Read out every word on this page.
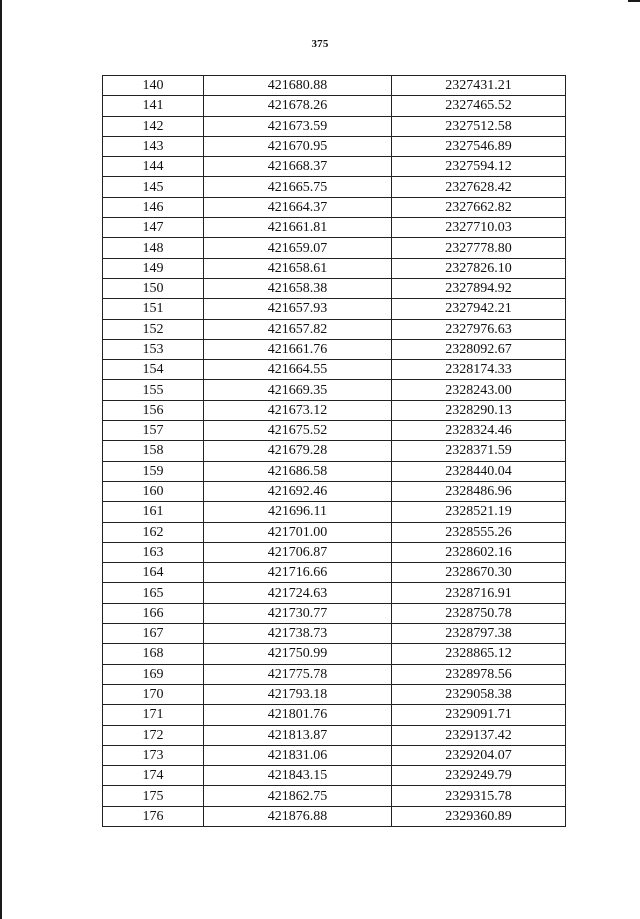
375
140	421680.88	2327431.21
141	421678.26	2327465.52
142	421673.59	2327512.58
143	421670.95	2327546.89
144	421668.37	2327594.12
145	421665.75	2327628.42
146	421664.37	2327662.82
147	421661.81	2327710.03
148	421659.07	2327778.80
149	421658.61	2327826.10
150	421658.38	2327894.92
151	421657.93	2327942.21
152	421657.82	2327976.63
153	421661.76	2328092.67
154	421664.55	2328174.33
155	421669.35	2328243.00
156	421673.12	2328290.13
157	421675.52	2328324.46
158	421679.28	2328371.59
159	421686.58	2328440.04
160	421692.46	2328486.96
161	421696.11	2328521.19
162	421701.00	2328555.26
163	421706.87	2328602.16
164	421716.66	2328670.30
165	421724.63	2328716.91
166	421730.77	2328750.78
167	421738.73	2328797.38
168	421750.99	2328865.12
169	421775.78	2328978.56
170	421793.18	2329058.38
171	421801.76	2329091.71
172	421813.87	2329137.42
173	421831.06	2329204.07
174	421843.15	2329249.79
175	421862.75	2329315.78
176	421876.88	2329360.89
